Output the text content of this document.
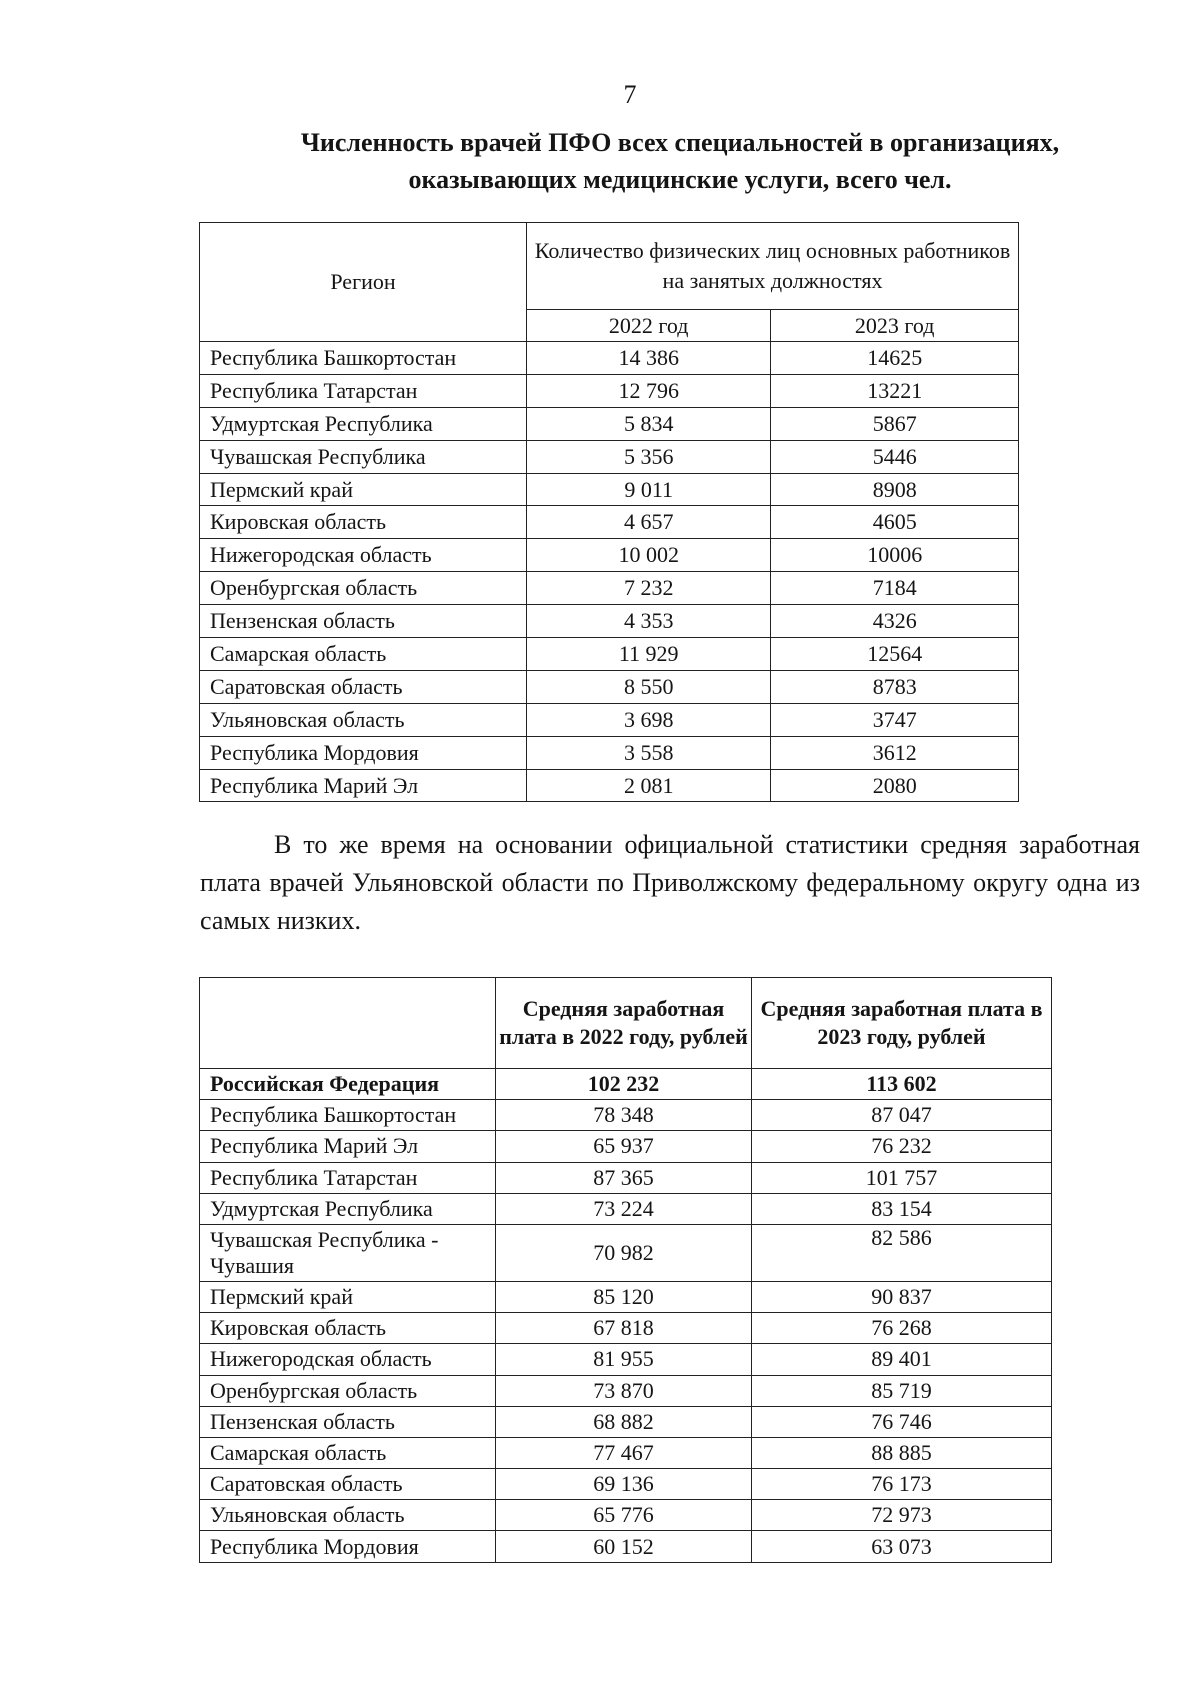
7
Численность врачей ПФО всех специальностей в организациях,
оказывающих медицинские услуги, всего чел.
Регион	Количество физических лиц основных работников на занятых должностях	
	2022 год	2023 год
Республика Башкортостан	14 386	14625
Республика Татарстан	12 796	13221
Удмуртская Республика	5 834	5867
Чувашская Республика	5 356	5446
Пермский край	9 011	8908
Кировская область	4 657	4605
Нижегородская область	10 002	10006
Оренбургская область	7 232	7184
Пензенская область	4 353	4326
Самарская область	11 929	12564
Саратовская область	8 550	8783
Ульяновская область	3 698	3747
Республика Мордовия	3 558	3612
Республика Марий Эл	2 081	2080
В то же время на основании официальной статистики средняя заработная плата врачей Ульяновской области по Приволжскому федеральному округу одна из самых низких.
	Средняя заработная плата в 2022 году, рублей	Средняя заработная плата в 2023 году, рублей
Российская Федерация	102 232	113 602
Республика Башкортостан	78 348	87 047
Республика Марий Эл	65 937	76 232
Республика Татарстан	87 365	101 757
Удмуртская Республика	73 224	83 154
Чувашская Республика - Чувашия	70 982	82 586
Пермский край	85 120	90 837
Кировская область	67 818	76 268
Нижегородская область	81 955	89 401
Оренбургская область	73 870	85 719
Пензенская область	68 882	76 746
Самарская область	77 467	88 885
Саратовская область	69 136	76 173
Ульяновская область	65 776	72 973
Республика Мордовия	60 152	63 073
